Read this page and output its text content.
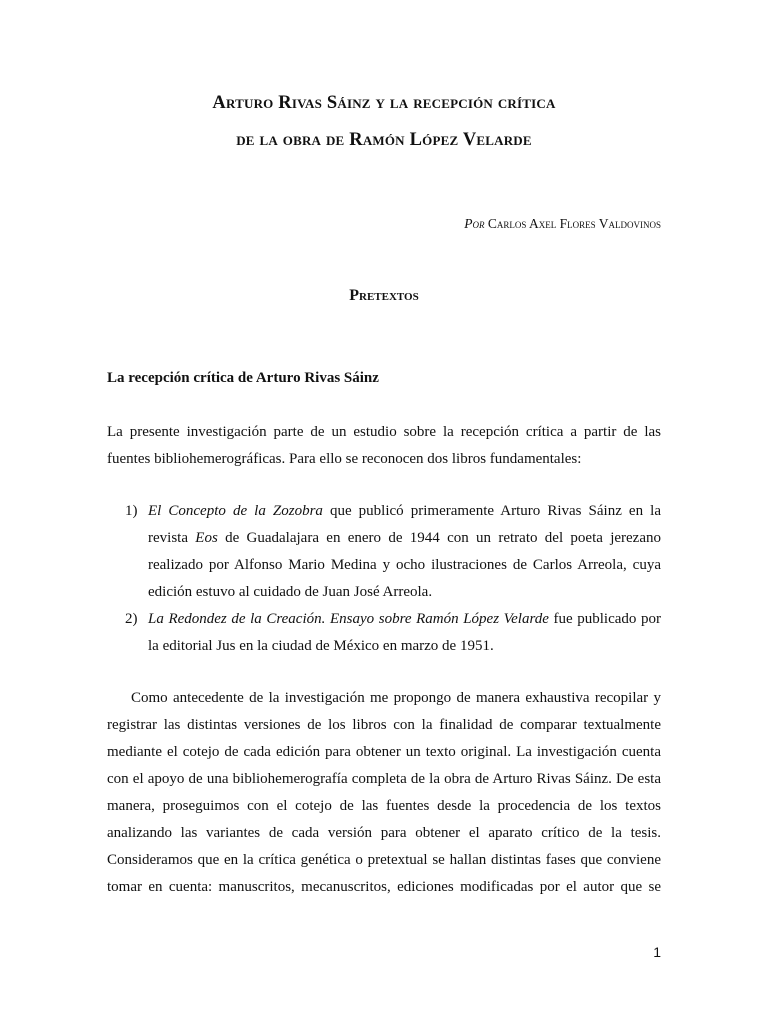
Arturo Rivas Sáinz y la recepción crítica
de la obra de Ramón López Velarde
Por Carlos Axel Flores Valdovinos
Pretextos
La recepción crítica de Arturo Rivas Sáinz
La presente investigación parte de un estudio sobre la recepción crítica a partir de las
fuentes bibliohemerográficas. Para ello se reconocen dos libros fundamentales:
1) El Concepto de la Zozobra que publicó primeramente Arturo Rivas Sáinz en la
revista Eos de Guadalajara en enero de 1944 con un retrato del poeta jerezano
realizado por Alfonso Mario Medina y ocho ilustraciones de Carlos Arreola, cuya
edición estuvo al cuidado de Juan José Arreola.
2) La Redondez de la Creación. Ensayo sobre Ramón López Velarde fue publicado por
la editorial Jus en la ciudad de México en marzo de 1951.
Como antecedente de la investigación me propongo de manera exhaustiva recopilar y
registrar las distintas versiones de los libros con la finalidad de comparar textualmente
mediante el cotejo de cada edición para obtener un texto original. La investigación cuenta
con el apoyo de una bibliohemerografía completa de la obra de Arturo Rivas Sáinz. De esta
manera, proseguimos con el cotejo de las fuentes desde la procedencia de los textos
analizando las variantes de cada versión para obtener el aparato crítico de la tesis.
Consideramos que en la crítica genética o pretextual se hallan distintas fases que conviene
tomar en cuenta: manuscritos, mecanuscritos, ediciones modificadas por el autor que se
1
